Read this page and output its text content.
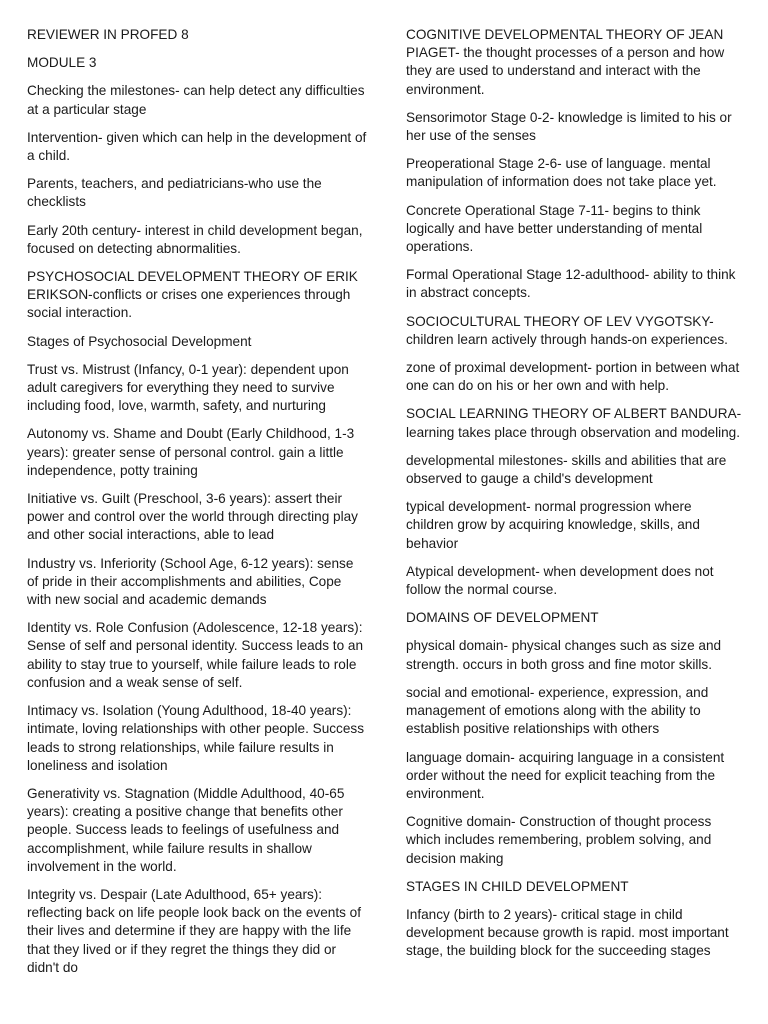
REVIEWER IN PROFED 8

MODULE 3

Checking the milestones- can help detect any difficulties at a particular stage

Intervention- given which can help in the development of a child.

Parents, teachers, and pediatricians-who use the checklists

Early 20th century- interest in child development began, focused on detecting abnormalities.

PSYCHOSOCIAL DEVELOPMENT THEORY OF ERIK ERIKSON-conflicts or crises one experiences through social interaction.

Stages of Psychosocial Development

Trust vs. Mistrust (Infancy, 0-1 year): dependent upon adult caregivers for everything they need to survive including food, love, warmth, safety, and nurturing

Autonomy vs. Shame and Doubt (Early Childhood, 1-3 years): greater sense of personal control. gain a little independence, potty training

Initiative vs. Guilt (Preschool, 3-6 years): assert their power and control over the world through directing play and other social interactions, able to lead

Industry vs. Inferiority (School Age, 6-12 years): sense of pride in their accomplishments and abilities, Cope with new social and academic demands

Identity vs. Role Confusion (Adolescence, 12-18 years): Sense of self and personal identity. Success leads to an ability to stay true to yourself, while failure leads to role confusion and a weak sense of self.

Intimacy vs. Isolation (Young Adulthood, 18-40 years): intimate, loving relationships with other people. Success leads to strong relationships, while failure results in loneliness and isolation

Generativity vs. Stagnation (Middle Adulthood, 40-65 years): creating a positive change that benefits other people. Success leads to feelings of usefulness and accomplishment, while failure results in shallow involvement in the world.

Integrity vs. Despair (Late Adulthood, 65+ years): reflecting back on life people look back on the events of their lives and determine if they are happy with the life that they lived or if they regret the things they did or didn't do

COGNITIVE DEVELOPMENTAL THEORY OF JEAN PIAGET- the thought processes of a person and how they are used to understand and interact with the environment.

Sensorimotor Stage 0-2- knowledge is limited to his or her use of the senses

Preoperational Stage 2-6- use of language. mental manipulation of information does not take place yet.

Concrete Operational Stage 7-11- begins to think logically and have better understanding of mental operations.

Formal Operational Stage 12-adulthood- ability to think in abstract concepts.

SOCIOCULTURAL THEORY OF LEV VYGOTSKY- children learn actively through hands-on experiences.

zone of proximal development- portion in between what one can do on his or her own and with help.

SOCIAL LEARNING THEORY OF ALBERT BANDURA- learning takes place through observation and modeling.

developmental milestones- skills and abilities that are observed to gauge a child's development

typical development- normal progression where children grow by acquiring knowledge, skills, and behavior

Atypical development- when development does not follow the normal course.

DOMAINS OF DEVELOPMENT

physical domain- physical changes such as size and strength. occurs in both gross and fine motor skills.

social and emotional- experience, expression, and management of emotions along with the ability to establish positive relationships with others

language domain- acquiring language in a consistent order without the need for explicit teaching from the environment.

Cognitive domain- Construction of thought process which includes remembering, problem solving, and decision making

STAGES IN CHILD DEVELOPMENT

Infancy (birth to 2 years)- critical stage in child development because growth is rapid. most important stage, the building block for the succeeding stages
